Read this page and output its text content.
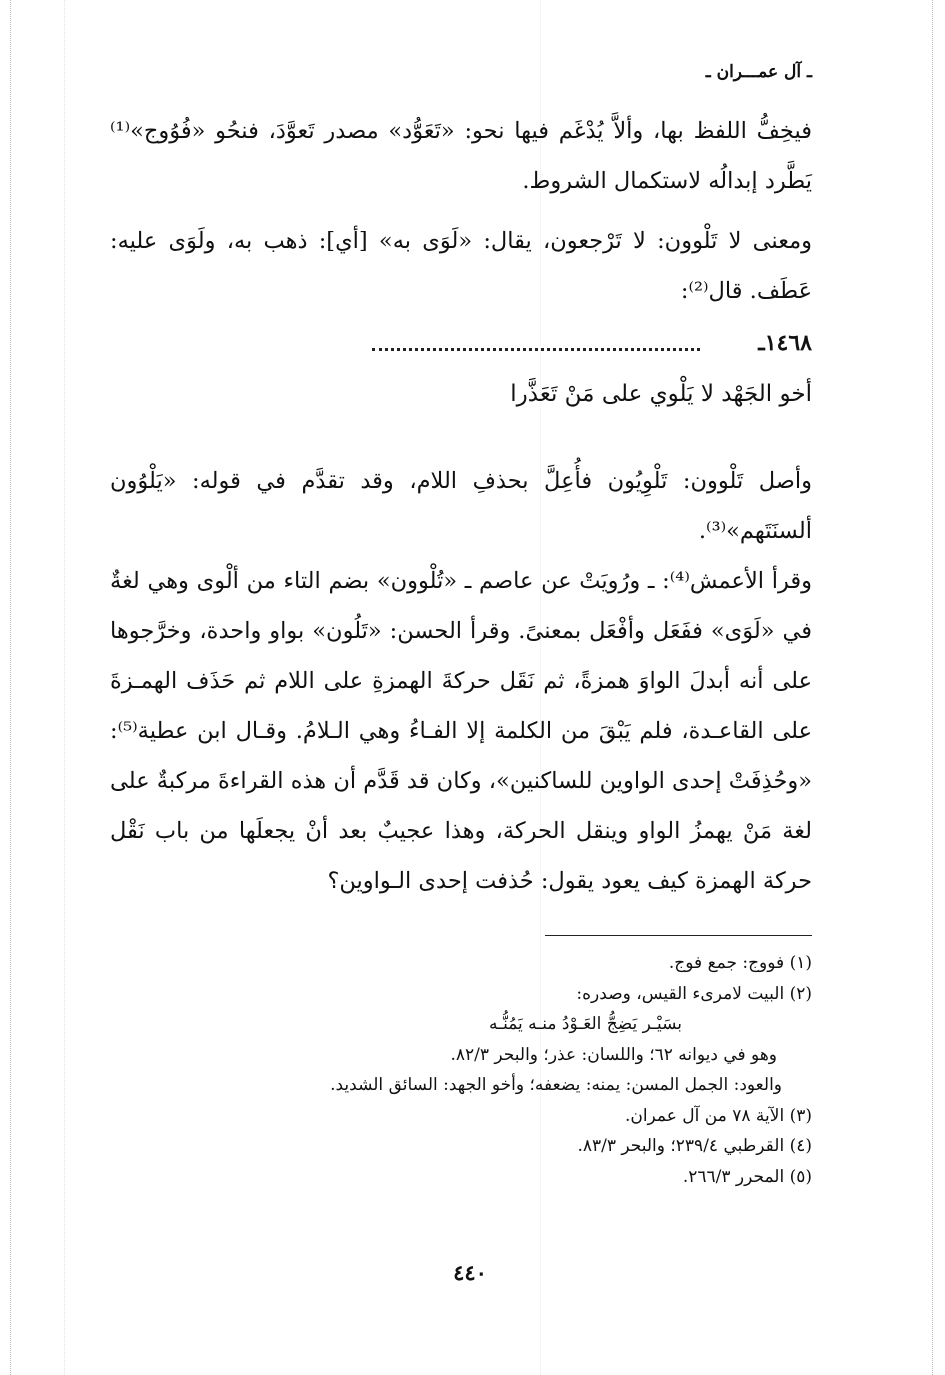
ـ آل عمـــران ـ
فيخِفُّ اللفظ بها، وألاَّ يُدْغَم فيها نحو: «تَعَوُّد» مصدر تَعوَّدَ، فنحُو «فُوُوج»⁽¹⁾ يَطَّرد إبدالُه لاستكمال الشروط.
ومعنى لا تَلْوون: لا تَرْجعون، يقال: «لَوَى به» [أي]: ذهب به، ولَوَى عليه: عَطَف. قال⁽²⁾:
١٤٦٨ـ
أخو الجَهْد لا يَلْوي على مَنْ تَعَذَّرا
وأصل تَلْوون: تَلْوِيُون فأُعِلَّ بحذفِ اللام، وقد تقدَّم في قوله: «يَلْوُون ألسنَتَهم»⁽³⁾.
وقرأ الأعمش⁽⁴⁾: ـ ورُويَتْ عن عاصم ـ «تُلْوون» بضم التاء من ألْوى وهي لغةٌ في «لَوَى» ففَعَل وأفْعَل بمعنىً. وقرأ الحسن: «تَلُون» بواو واحدة، وخرَّجوها على أنه أبدلَ الواوَ همزةً، ثم نَقَل حركةَ الهمزةِ على اللام ثم حَذَف الهمـزةَ على القاعـدة، فلم يَبْقَ من الكلمة إلا الفـاءُ وهي الـلامُ. وقـال ابن عطية⁽⁵⁾: «وحُذِفَتْ إحدى الواوين للساكنين»، وكان قد قَدَّم أن هذه القراءةَ مركبةٌ على لغة مَنْ يهمزُ الواو وينقل الحركة، وهذا عجيبٌ بعد أنْ يجعلَها من باب نَقْل حركة الهمزة كيف يعود يقول: حُذفت إحدى الـواوين؟
(١) فووج: جمع فوج.
(٢) البيت لامرىء القيس، وصدره:
بسَيْـر يَضِجُّ العَـوْدُ منـه يَمُنُّـه
وهو في ديوانه ٦٢؛ واللسان: عذر؛ والبحر ٨٢/٣.
والعود: الجمل المسن: يمنه: يضعفه؛ وأخو الجهد: السائق الشديد.
(٣) الآية ٧٨ من آل عمران.
(٤) القرطبي ٢٣٩/٤؛ والبحر ٨٣/٣.
(٥) المحرر ٢٦٦/٣.
٤٤٠
